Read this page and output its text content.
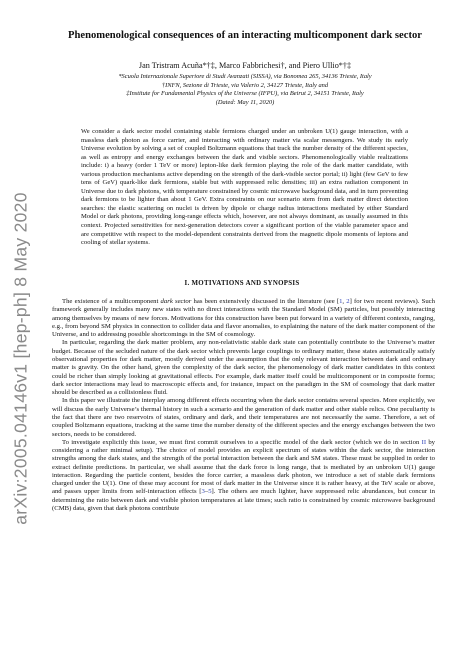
arXiv:2005.04146v1 [hep-ph] 8 May 2020
Phenomenological consequences of an interacting multicomponent dark sector
Jan Tristram Acuña*†‡, Marco Fabbrichesi†, and Piero Ullio*†‡
*Scuola Internazionale Superiore di Studi Avanzati (SISSA), via Bonomea 265, 34136 Trieste, Italy
†INFN, Sezione di Trieste, via Valerio 2, 34127 Trieste, Italy and
‡Institute for Fundamental Physics of the Universe (IFPU), via Beirut 2, 34151 Trieste, Italy
(Dated: May 11, 2020)

We consider a dark sector model containing stable fermions charged under an unbroken U(1) gauge interaction, with a massless dark photon as force carrier, and interacting with ordinary matter via scalar messengers. We study its early Universe evolution by solving a set of coupled Boltzmann equations that track the number density of the different species, as well as entropy and energy exchanges between the dark and visible sectors. Phenomenologically viable realizations include: i) a heavy (order 1 TeV or more) lepton-like dark fermion playing the role of the dark matter candidate, with various production mechanisms active depending on the strength of the dark-visible sector portal; ii) light (few GeV to few tens of GeV) quark-like dark fermions, stable but with suppressed relic densities; iii) an extra radiation component in Universe due to dark photons, with temperature constrained by cosmic microwave background data, and in turn preventing dark fermions to be lighter than about 1 GeV. Extra constraints on our scenario stem from dark matter direct detection searches: the elastic scattering on nuclei is driven by dipole or charge radius interactions mediated by either Standard Model or dark photons, providing long-range effects which, however, are not always dominant, as usually assumed in this context. Projected sensitivities for next-generation detectors cover a significant portion of the viable parameter space and are competitive with respect to the model-dependent constraints derived from the magnetic dipole moments of leptons and cooling of stellar systems.

I. MOTIVATIONS AND SYNOPSIS

The existence of a multicomponent dark sector has been extensively discussed in the literature (see [1, 2] for two recent reviews). Such framework generally includes many new states with no direct interactions with the Standard Model (SM) particles, but possibly interacting among themselves by means of new forces. Motivations for this construction have been put forward in a variety of different contexts, ranging, e.g., from beyond SM physics in connection to collider data and flavor anomalies, to explaining the nature of the dark matter component of the Universe, and to addressing possible shortcomings in the SM of cosmology.

In particular, regarding the dark matter problem, any non-relativistic stable dark state can potentially contribute to the Universe’s matter budget. Because of the secluded nature of the dark sector which prevents large couplings to ordinary matter, these states automatically satisfy observational properties for dark matter, mostly derived under the assumption that the only relevant interaction between dark and ordinary matter is gravity. On the other hand, given the complexity of the dark sector, the phenomenology of dark matter candidates in this context could be richer than simply looking at gravitational effects. For example, dark matter itself could be multicomponent or in composite forms; dark sector interactions may lead to macroscopic effects and, for instance, impact on the paradigm in the SM of cosmology that dark matter should be described as a collisionless fluid.

In this paper we illustrate the interplay among different effects occurring when the dark sector contains several species. More explicitly, we will discuss the early Universe’s thermal history in such a scenario and the generation of dark matter and other stable relics. One peculiarity is the fact that there are two reservoirs of states, ordinary and dark, and their temperatures are not necessarily the same. Therefore, a set of coupled Boltzmann equations, tracking at the same time the number density of the different species and the energy exchanges between the two sectors, needs to be considered.

To investigate explicitly this issue, we must first commit ourselves to a specific model of the dark sector (which we do in section II by considering a rather minimal setup). The choice of model provides an explicit spectrum of states within the dark sector, the interaction strengths among the dark states, and the strength of the portal interaction between the dark and SM states. These must be supplied in order to extract definite predictions. In particular, we shall assume that the dark force is long range, that is mediated by an unbroken U(1) gauge interaction. Regarding the particle content, besides the force carrier, a massless dark photon, we introduce a set of stable dark fermions charged under the U(1). One of these may account for most of dark matter in the Universe since it is rather heavy, at the TeV scale or above, and passes upper limits from self-interaction effects [3–5]. The others are much lighter, have suppressed relic abundances, but concur in determining the ratio between dark and visible photon temperatures at late times; such ratio is constrained by cosmic microwave background (CMB) data, given that dark photons contribute
